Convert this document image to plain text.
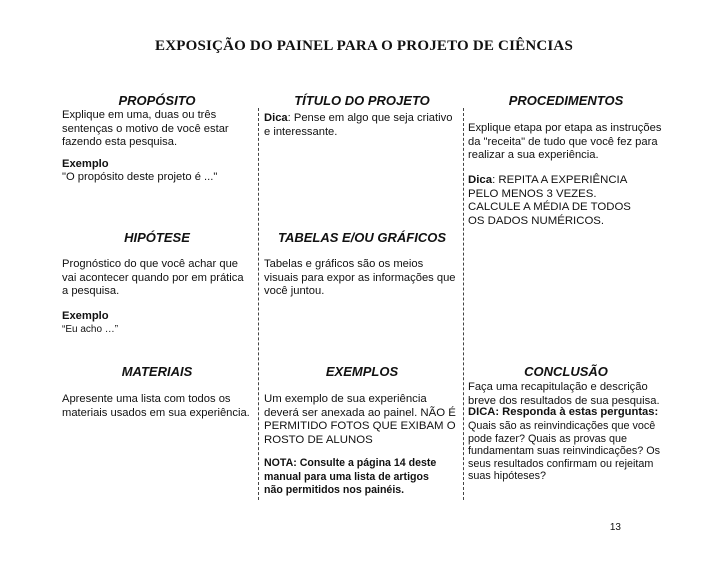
EXPOSIÇÃO DO PAINEL PARA O PROJETO DE CIÊNCIAS
PROPÓSITO
Explique em uma, duas ou três sentenças o motivo de você estar fazendo esta pesquisa.
Exemplo
"O propósito deste projeto é ..."
TÍTULO DO PROJETO
Dica: Pense em algo que seja criativo e interessante.
PROCEDIMENTOS
Explique etapa por etapa as instruções da "receita" de tudo que você fez para realizar a sua experiência.
Dica: REPITA A EXPERIÊNCIA PELO MENOS 3 VEZES. CALCULE A MÉDIA DE TODOS OS DADOS NUMÉRICOS.
HIPÓTESE
Prognóstico do que você achar que vai acontecer quando por em prática a pesquisa.
Exemplo
“Eu acho …”
TABELAS E/OU GRÁFICOS
Tabelas e gráficos são os meios visuais para expor as informações que você juntou.
MATERIAIS
Apresente uma lista com todos os materiais usados em sua experiência.
EXEMPLOS
Um exemplo de sua experiência deverá ser anexada ao painel. NÃO É PERMITIDO FOTOS QUE EXIBAM O ROSTO DE ALUNOS
NOTA: Consulte a página 14 deste manual para uma lista de artigos não permitidos nos painéis.
CONCLUSÃO
Faça uma recapitulação e descrição breve dos resultados de sua pesquisa.
DICA: Responda à estas perguntas:
Quais são as reinvindicações que você pode fazer? Quais as provas que fundamentam suas reinvindicações? Os seus resultados confirmam ou rejeitam suas hipóteses?
13
